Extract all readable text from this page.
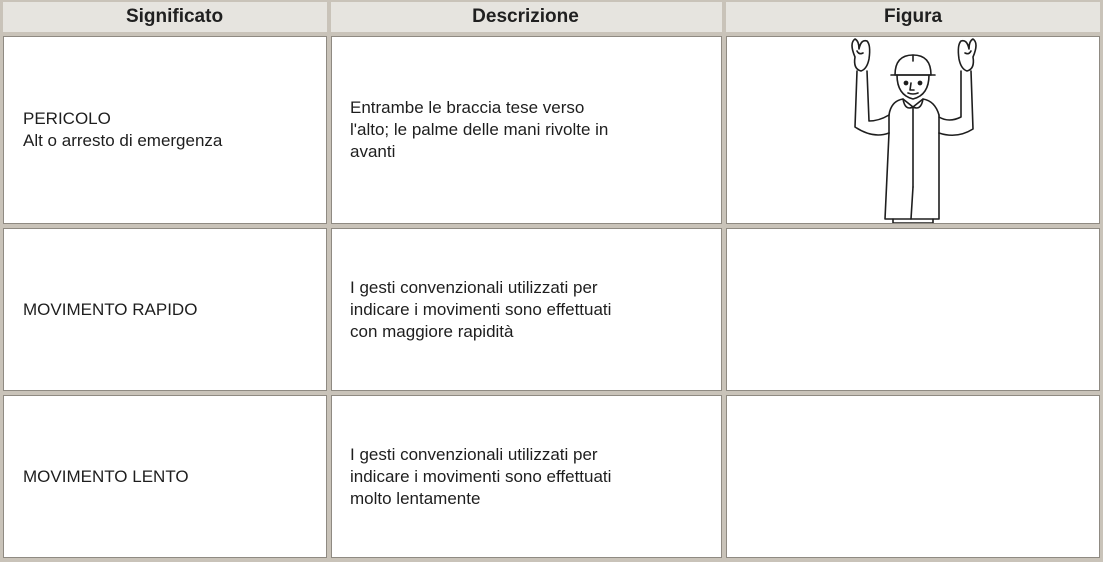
Significato	Descrizione	Figura
PERICOLO
Alt o arresto di emergenza
Entrambe le braccia tese verso
l'alto; le palme delle mani rivolte in
avanti
MOVIMENTO RAPIDO
I gesti convenzionali utilizzati per
indicare i movimenti sono effettuati
con maggiore rapidità
MOVIMENTO LENTO
I gesti convenzionali utilizzati per
indicare i movimenti sono effettuati
molto lentamente
